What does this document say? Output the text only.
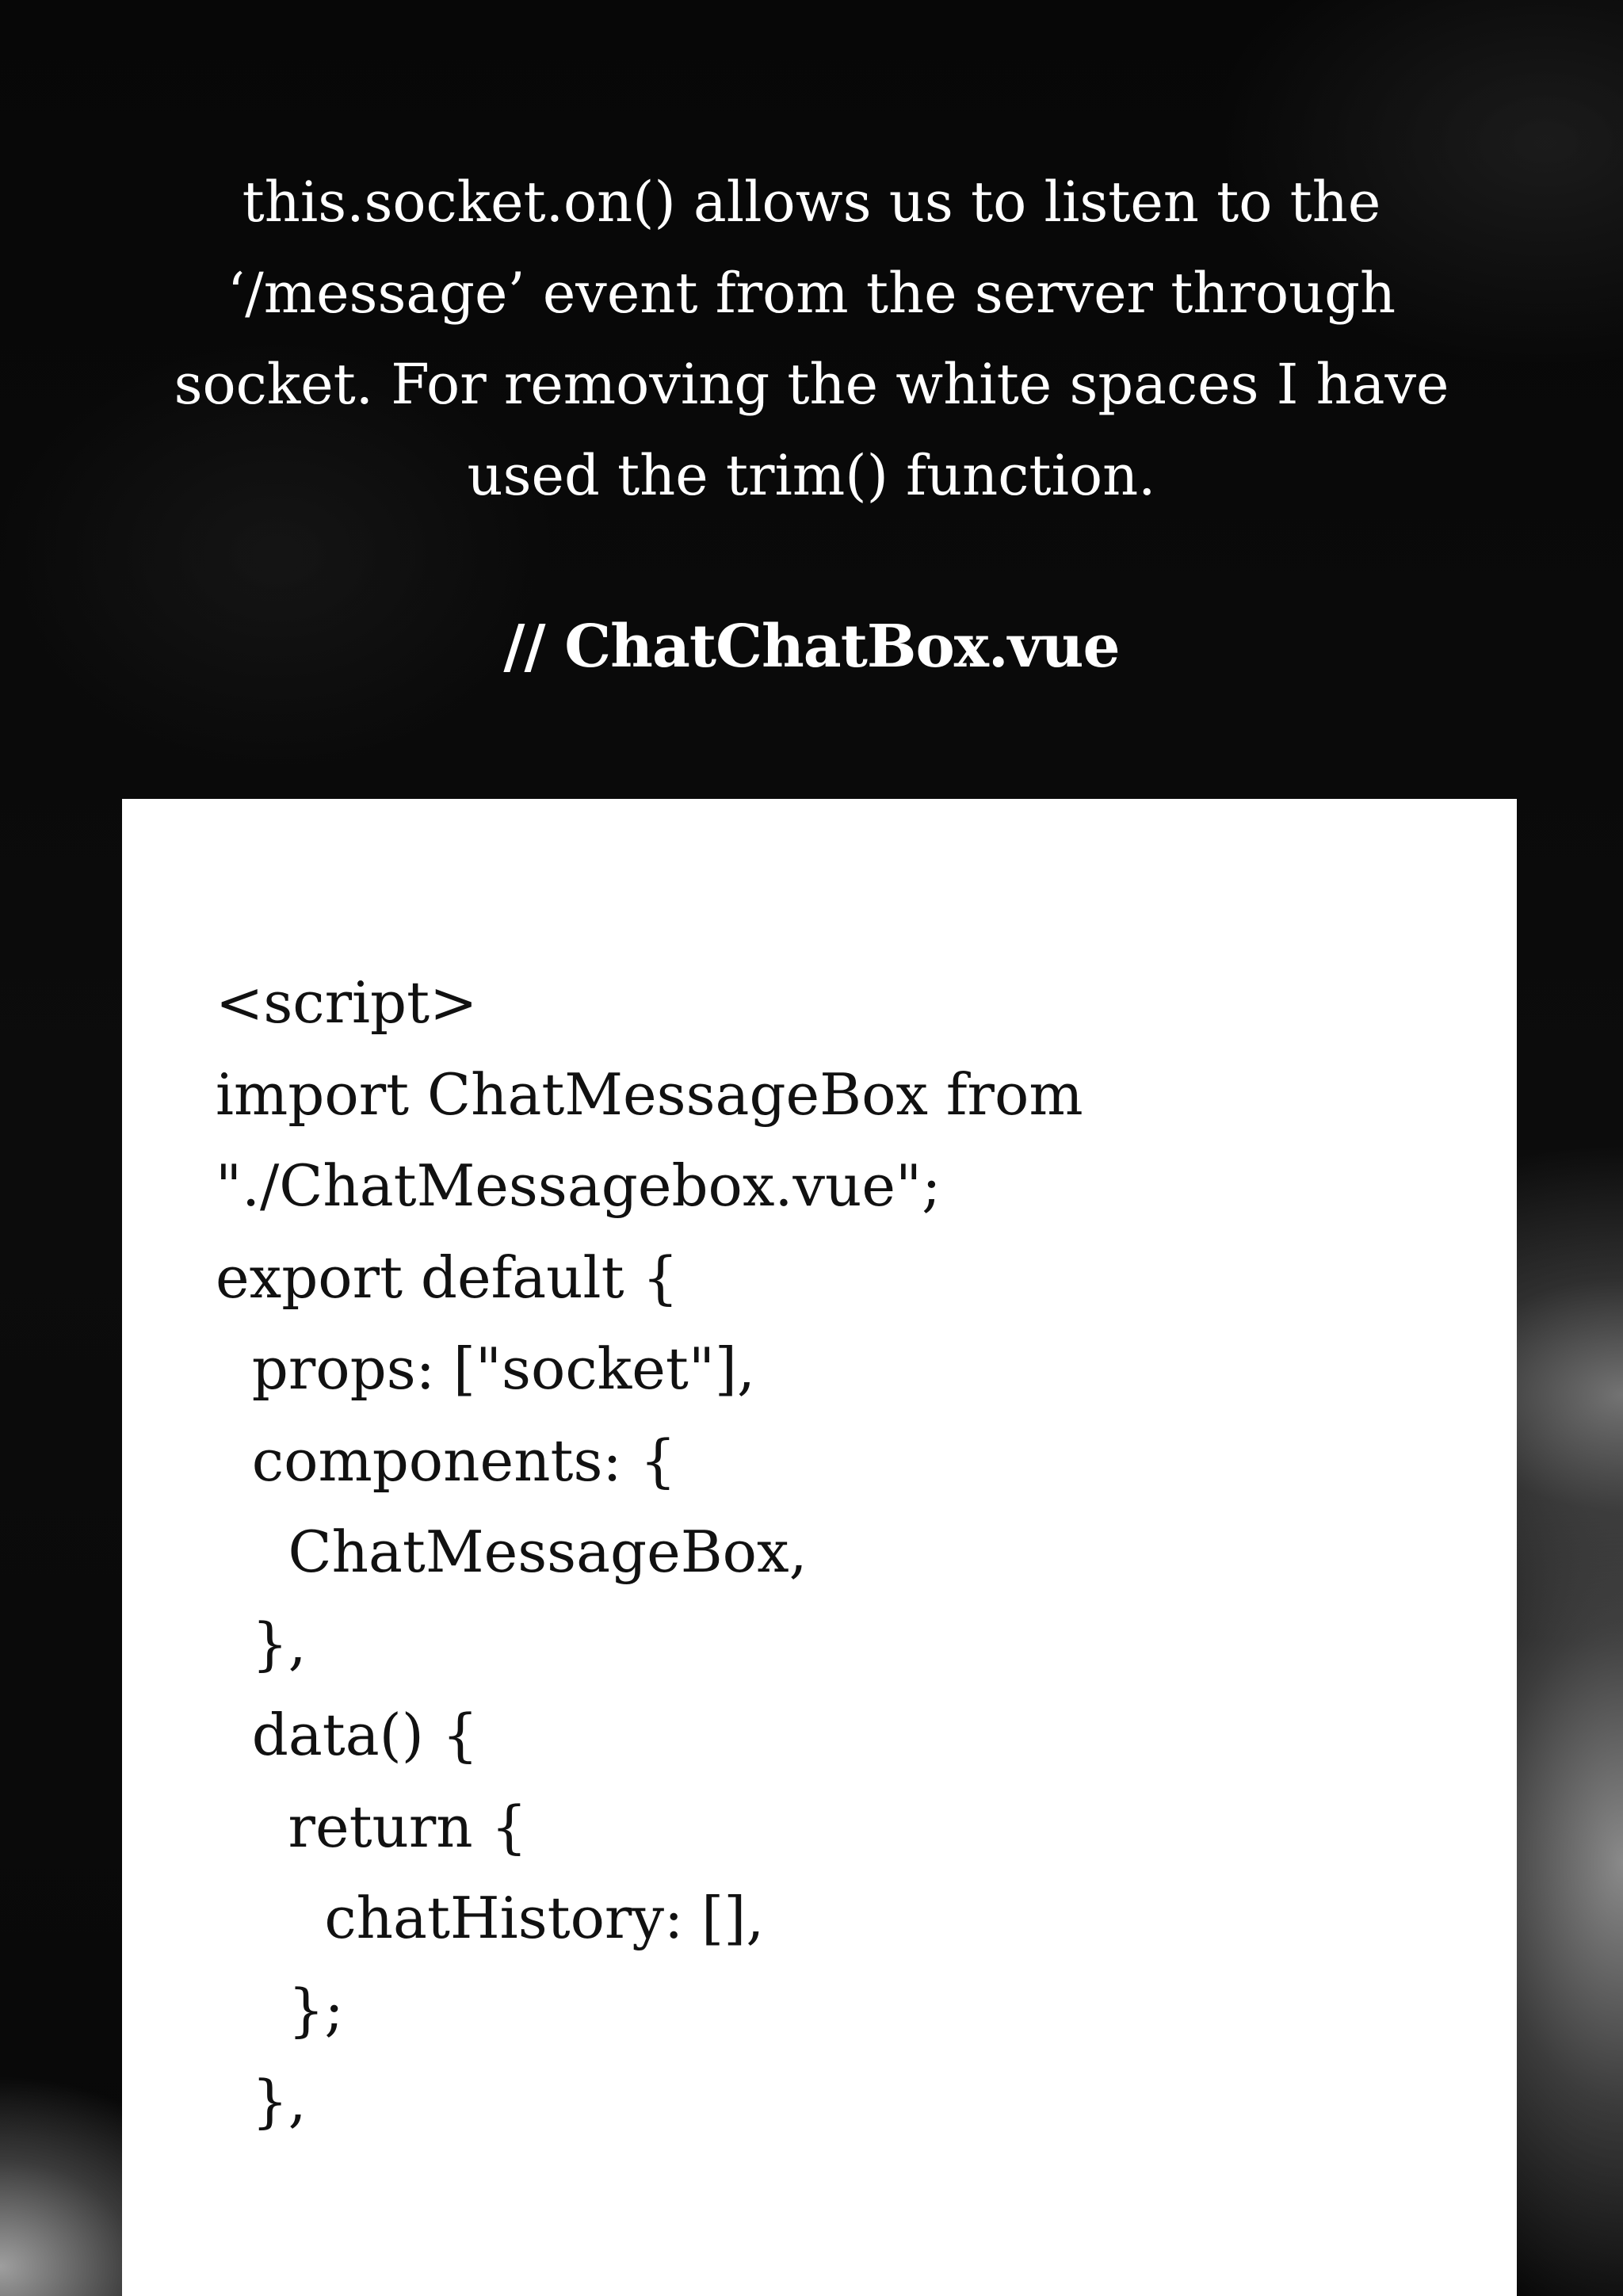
this.socket.on() allows us to listen to the ‘/message’ event from the server through socket. For removing the white spaces I have used the trim() function.

// ChatChatBox.vue
<script>
import ChatMessageBox from
"./ChatMessagebox.vue";
export default {
props: ["socket"],
components: {
ChatMessageBox,
},
data() {
return {
chatHistory: [],
};
},
